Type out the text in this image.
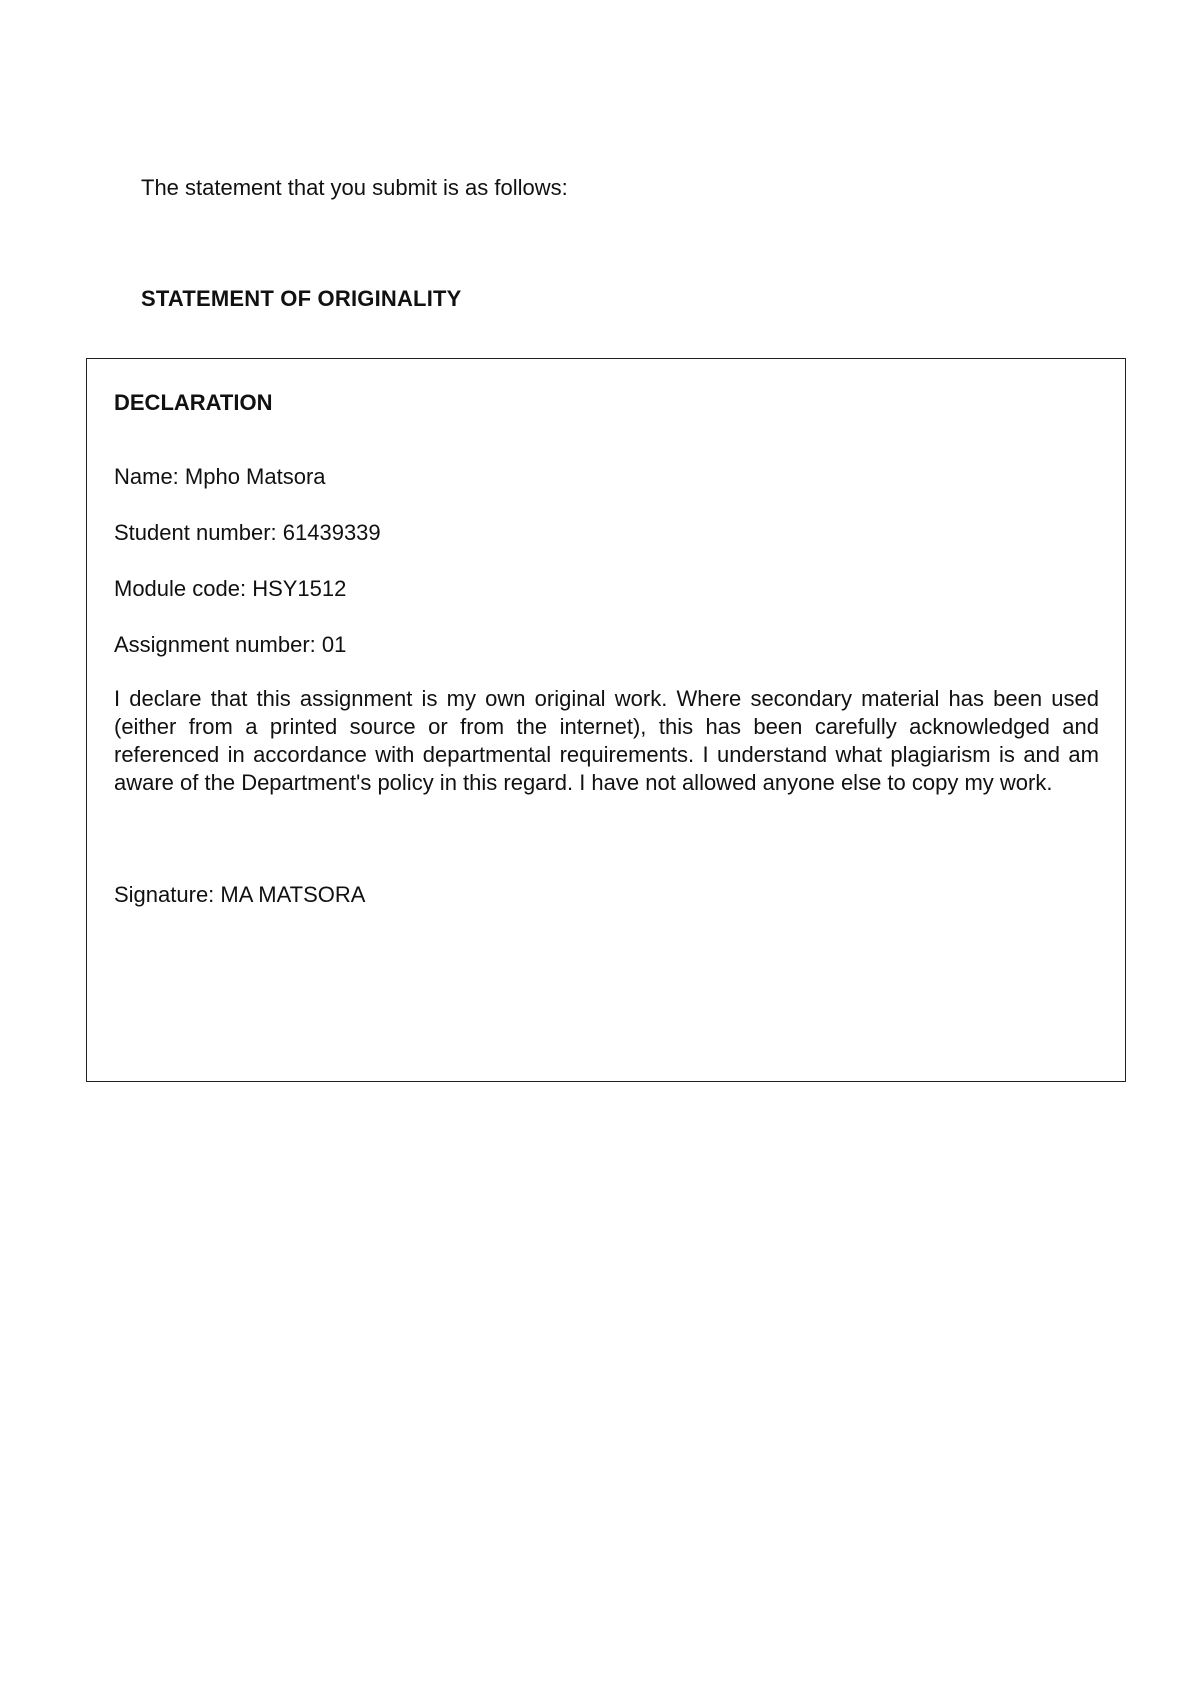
The statement that you submit is as follows:

STATEMENT OF ORIGINALITY

DECLARATION

Name: Mpho Matsora

Student number: 61439339

Module code: HSY1512

Assignment number: 01

I declare that this assignment is my own original work. Where secondary material has been used (either from a printed source or from the internet), this has been carefully acknowledged and referenced in accordance with departmental requirements. I understand what plagiarism is and am aware of the Department's policy in this regard. I have not allowed anyone else to copy my work.

Signature: MA MATSORA
